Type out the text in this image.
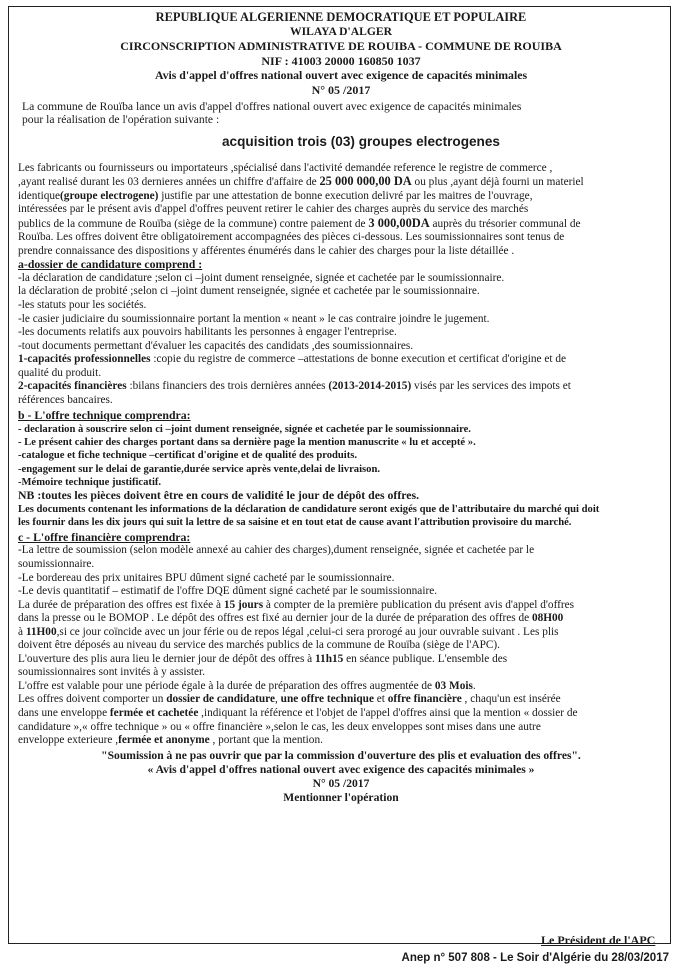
REPUBLIQUE ALGERIENNE DEMOCRATIQUE ET POPULAIRE
WILAYA D'ALGER
CIRCONSCRIPTION ADMINISTRATIVE DE ROUIBA - COMMUNE DE ROUIBA
NIF : 41003 20000 160850 1037
Avis d'appel d'offres national ouvert avec exigence de capacités minimales
N° 05 /2017
La commune de Rouïba lance un avis d'appel d'offres national ouvert avec exigence de capacités minimales
pour la réalisation de l'opération suivante :
acquisition trois (03) groupes electrogenes

Les fabricants ou fournisseurs ou importateurs ,spécialisé dans l'activité demandée reference le registre de commerce ,

,ayant realisé durant les 03 dernieres années un chiffre d'affaire de 25 000 000,00 DA ou plus ,ayant déjà fourni un materiel

identique(groupe electrogene) justifie par une attestation de bonne execution delivré par les maitres de l'ouvrage,

intéressées par le présent avis d'appel d'offres peuvent retirer le cahier des charges auprès du service des marchés

publics de la commune de Rouïba (siège de la commune) contre paiement de 3 000,00DA auprès du trésorier communal de

Rouïba. Les offres doivent être obligatoirement accompagnées des pièces ci-dessous. Les soumissionnaires sont tenus de

prendre connaissance des dispositions y afférentes énumérés dans le cahier des charges pour la liste détaillée .

a-dossier de candidature comprend :

-la déclaration de candidature ;selon ci –joint dument renseignée, signée et cachetée par le soumissionnaire.

la déclaration de probité ;selon ci –joint dument renseignée, signée et cachetée par le soumissionnaire.

-les statuts pour les sociétés.

-le casier judiciaire du soumissionnaire portant la mention « neant » le cas contraire joindre le jugement.

-les documents relatifs aux pouvoirs habilitants les personnes à engager l'entreprise.

-tout documents permettant d'évaluer les capacités des candidats ,des soumissionnaires.

1-capacités professionnelles :copie du registre de commerce –attestations de bonne execution et certificat d'origine et de

qualité du produit.

2-capacités financières :bilans financiers des trois dernières années (2013-2014-2015) visés par les services des impots et

références bancaires.

b - L'offre technique comprendra:

- declaration à souscrire selon ci –joint dument renseignée, signée et cachetée par le soumissionnaire.

- Le présent cahier des charges portant dans sa dernière page la mention manuscrite « lu et accepté ».

-catalogue et fiche technique –certificat d'origine et de qualité des produits.

-engagement sur le delai de garantie,durée service après vente,delai de livraison.

-Mémoire technique justificatif.

NB :toutes les pièces doivent être en cours de validité le jour de dépôt des offres.

Les documents contenant les informations de la déclaration de candidature seront exigés que de l'attributaire du marché qui doit

les fournir dans les dix jours qui suit la lettre de sa saisine et en tout etat de cause avant l'attribution provisoire du marché.

c - L'offre financière comprendra:

-La lettre de soumission (selon modèle annexé au cahier des charges),dument renseignée, signée et cachetée par le

soumissionnaire.

-Le bordereau des prix unitaires BPU dûment signé cacheté par le soumissionnaire.

-Le devis quantitatif – estimatif de l'offre DQE dûment signé cacheté par le soumissionnaire.

La durée de préparation des offres est fixée à 15 jours à compter de la première publication du présent avis d'appel d'offres

dans la presse ou le BOMOP . Le dépôt des offres est fixé au dernier jour de la durée de préparation des offres de 08H00

à 11H00,si ce jour coïncide avec un jour férie ou de repos légal ,celui-ci sera prorogé au jour ouvrable suivant . Les plis

doivent être déposés au niveau du service des marchés publics de la commune de Rouïba (siège de l'APC).

L'ouverture des plis aura lieu le dernier jour de dépôt des offres à 11h15 en séance publique. L'ensemble des

soumissionnaires sont invités à y assister.

L'offre est valable pour une période égale à la durée de préparation des offres augmentée de 03 Mois.

Les offres doivent comporter un dossier de candidature, une offre technique et offre financière , chaqu'un est insérée

dans une enveloppe fermée et cachetée ,indiquant la référence et l'objet de l'appel d'offres ainsi que la mention « dossier de

candidature »,« offre technique » ou « offre financière »,selon le cas, les deux enveloppes sont mises dans une autre

enveloppe exterieure ,fermée et anonyme , portant que la mention.

"Soumission à ne pas ouvrir que par la commission d'ouverture des plis et evaluation des offres".
« Avis d'appel d'offres national ouvert avec exigence des capacités minimales »
N° 05 /2017
Mentionner l'opération
Le Président de l'APC
Anep n° 507 808 - Le Soir d'Algérie du 28/03/2017
